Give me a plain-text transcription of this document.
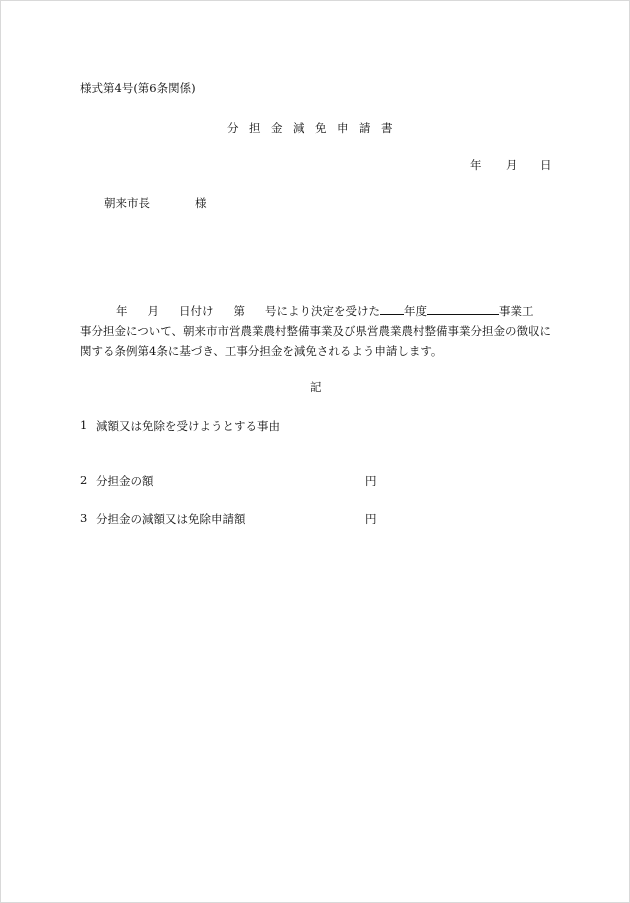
様式第4号(第6条関係)
分担金減免申請書
年 月 日
朝来市長	様
年 月 日付け 第 号により決定を受けた 年度	事業工
事分担金について、朝来市市営農業農村整備事業及び県営農業農村整備事業分担金の徴収に
関する条例第4条に基づき、工事分担金を減免されるよう申請します。
記
1 減額又は免除を受けようとする事由
2 分担金の額	円
3 分担金の減額又は免除申請額	円
